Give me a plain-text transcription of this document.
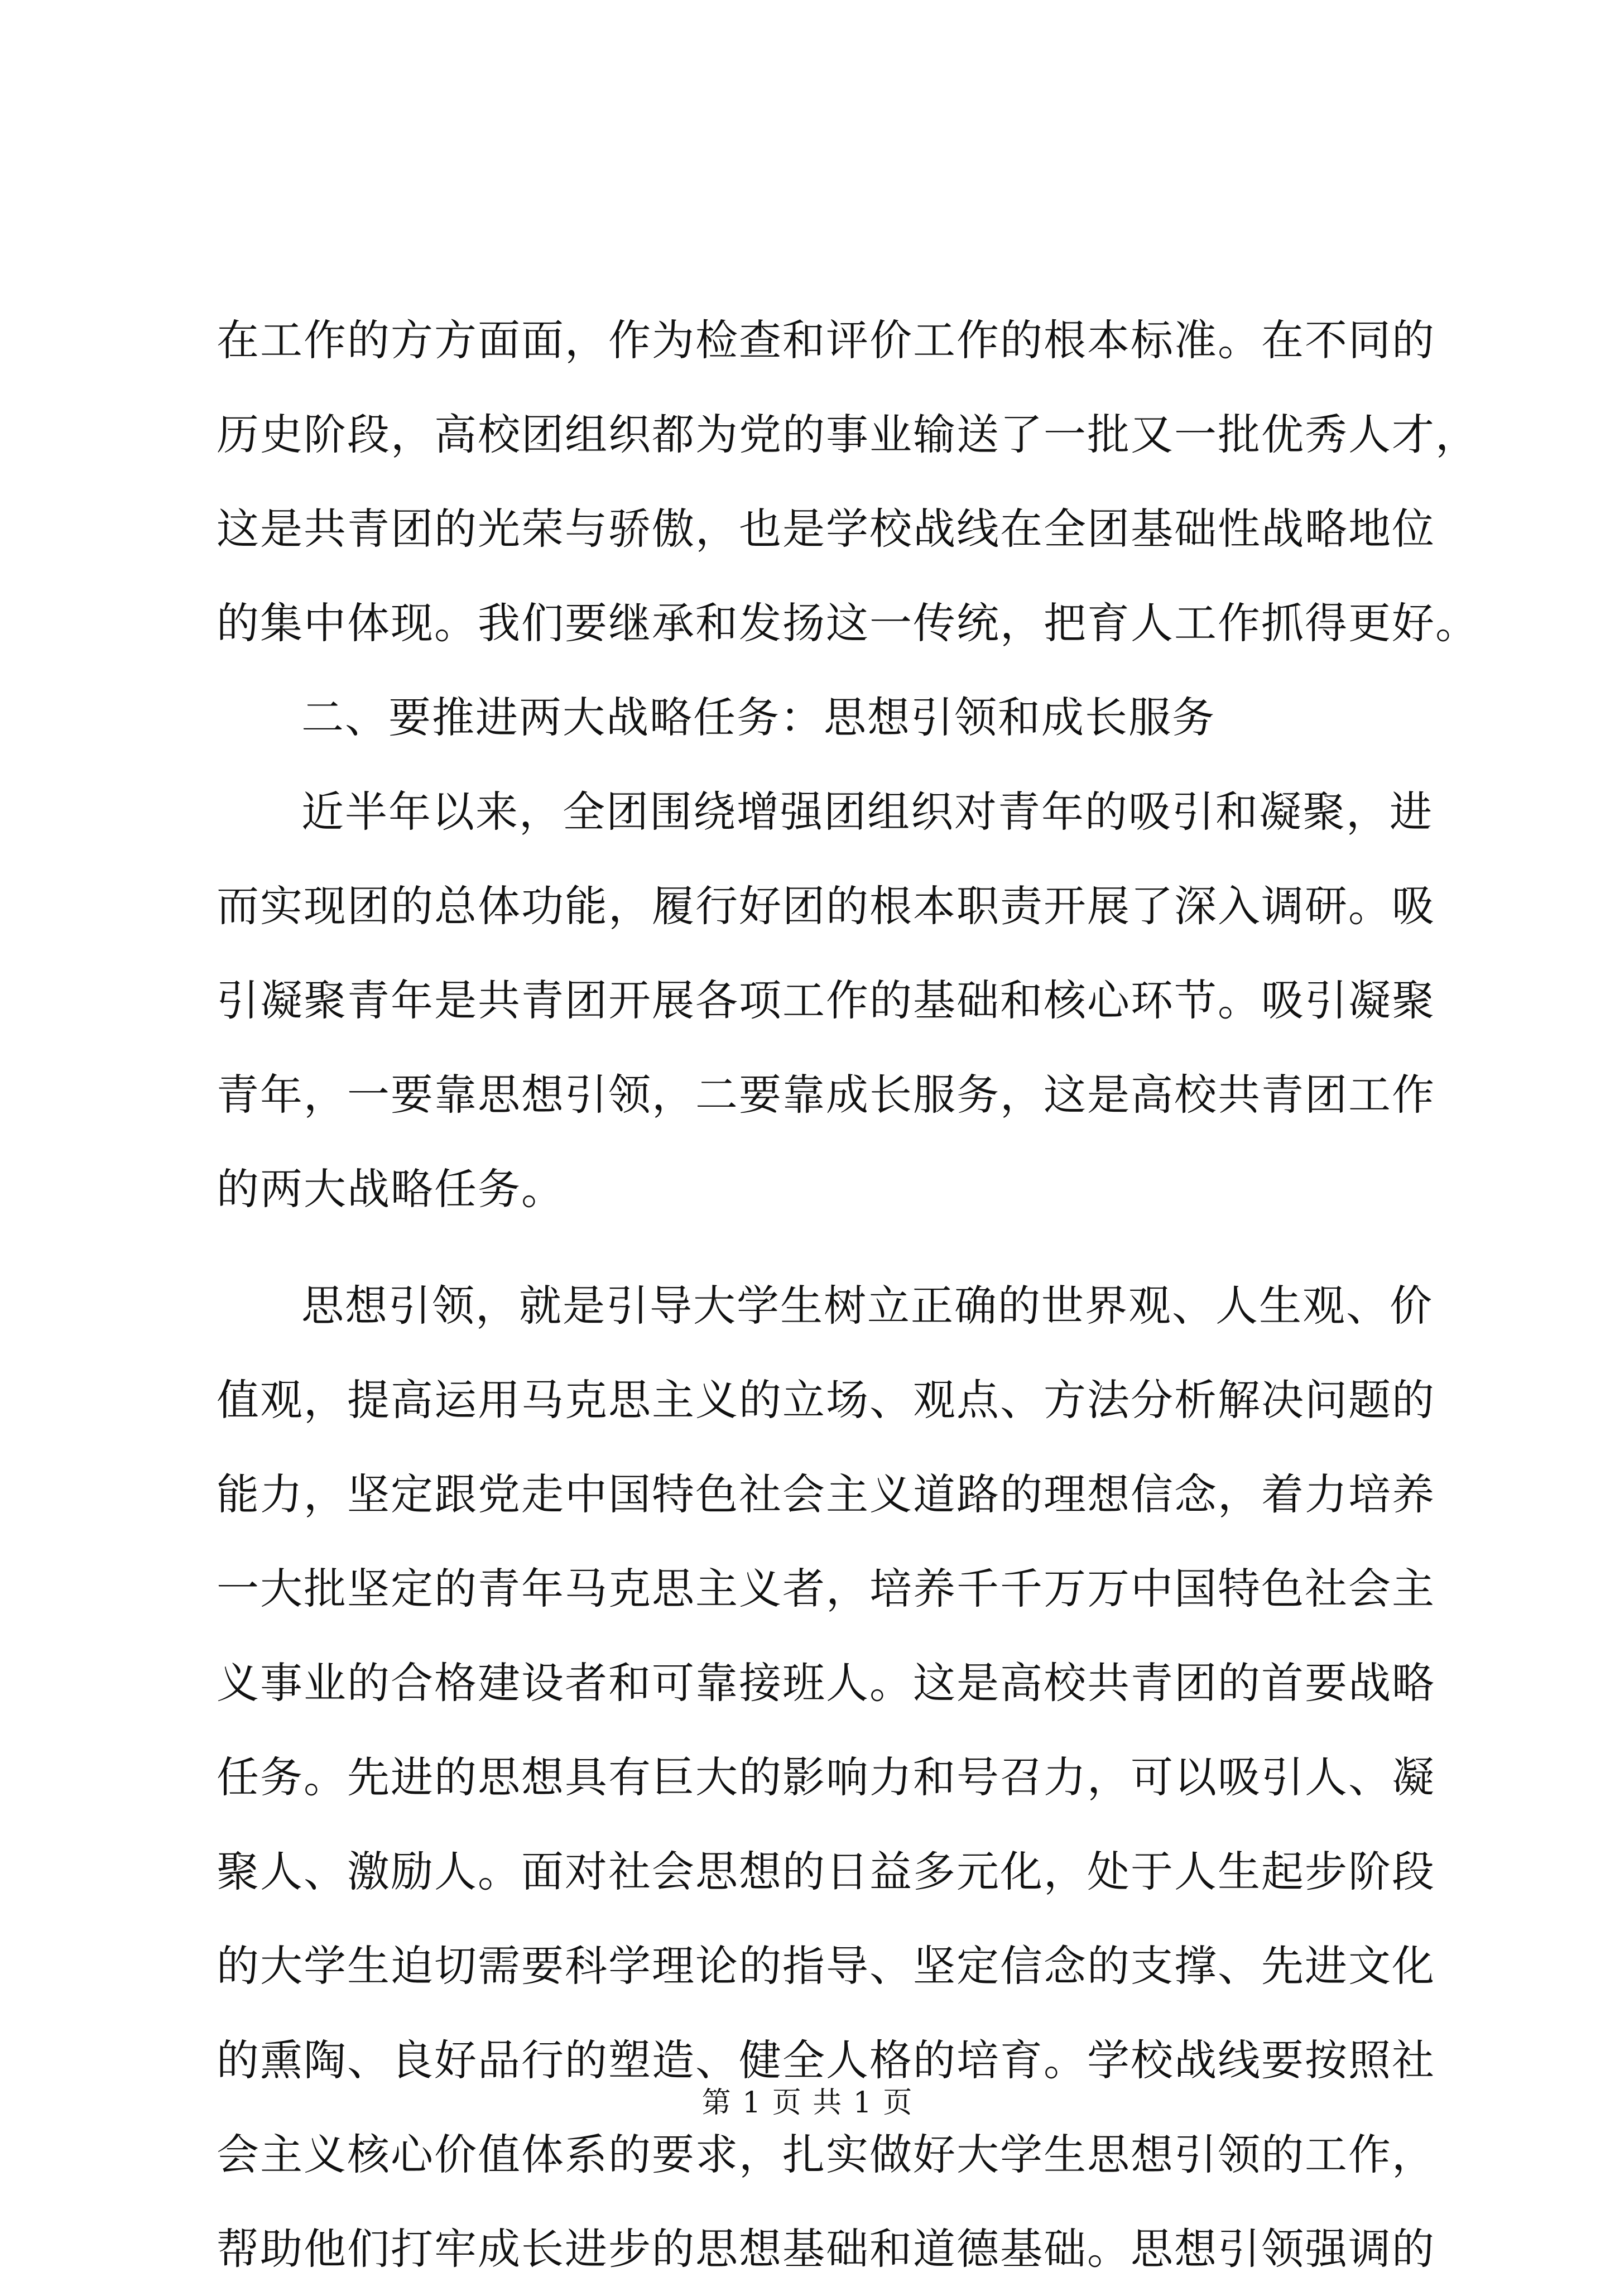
在工作的方方面面，作为检查和评价工作的根本标准。在不同的
历史阶段，高校团组织都为党的事业输送了一批又一批优秀人才，
这是共青团的光荣与骄傲，也是学校战线在全团基础性战略地位
的集中体现。我们要继承和发扬这一传统，把育人工作抓得更好。
二、要推进两大战略任务：思想引领和成长服务
近半年以来，全团围绕增强团组织对青年的吸引和凝聚，进
而实现团的总体功能，履行好团的根本职责开展了深入调研。吸
引凝聚青年是共青团开展各项工作的基础和核心环节。吸引凝聚
青年，一要靠思想引领，二要靠成长服务，这是高校共青团工作
的两大战略任务。
思想引领，就是引导大学生树立正确的世界观、人生观、价
值观，提高运用马克思主义的立场、观点、方法分析解决问题的
能力，坚定跟党走中国特色社会主义道路的理想信念，着力培养
一大批坚定的青年马克思主义者，培养千千万万中国特色社会主
义事业的合格建设者和可靠接班人。这是高校共青团的首要战略
任务。先进的思想具有巨大的影响力和号召力，可以吸引人、凝
聚人、激励人。面对社会思想的日益多元化，处于人生起步阶段
的大学生迫切需要科学理论的指导、坚定信念的支撑、先进文化
的熏陶、良好品行的塑造、健全人格的培育。学校战线要按照社
会主义核心价值体系的要求，扎实做好大学生思想引领的工作，
帮助他们打牢成长进步的思想基础和道德基础。思想引领强调的
第 1 页 共 1 页
